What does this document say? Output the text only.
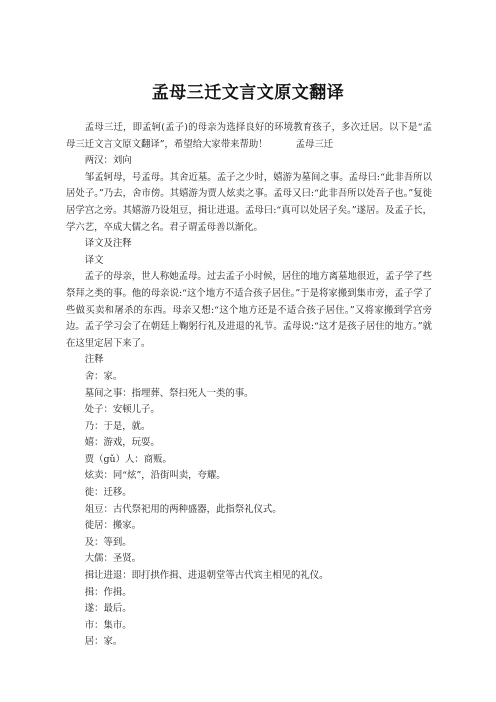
孟母三迁文言文原文翻译

孟母三迁，即孟轲(孟子)的母亲为选择良好的环境教育孩子，多次迁居。以下是“孟母三迁文言文原文翻译”，希望给大家带来帮助！	孟母三迁

两汉：刘向

邹孟轲母，号孟母。其舍近墓。孟子之少时，嬉游为墓间之事。孟母曰:“此非吾所以居处子。”乃去，舍市傍。其嬉游为贾人炫卖之事。孟母又曰:“此非吾所以处吾子也。”复徙居学宫之旁。其嬉游乃设俎豆，揖让进退。孟母曰:“真可以处居子矣。”遂居。及孟子长，学六艺，卒成大儒之名。君子谓孟母善以渐化。

译文及注释

译文

孟子的母亲，世人称她孟母。过去孟子小时候，居住的地方离墓地很近，孟子学了些祭拜之类的事。他的母亲说:“这个地方不适合孩子居住。”于是将家搬到集市旁，孟子学了些做买卖和屠杀的东西。母亲又想:“这个地方还是不适合孩子居住。”又将家搬到学宫旁边。孟子学习会了在朝廷上鞠躬行礼及进退的礼节。孟母说:“这才是孩子居住的地方。”就在这里定居下来了。

注释

舍：家。

墓间之事：指埋葬、祭扫死人一类的事。

处子：安顿儿子。

乃：于是，就。

嬉：游戏，玩耍。

贾（gǔ）人：商贩。

炫卖：同“炫”，沿街叫卖，夸耀。

徙：迁移。

俎豆：古代祭祀用的两种盛器，此指祭礼仪式。

徙居：搬家。

及：等到。

大儒：圣贤。

揖让进退：即打拱作揖、进退朝堂等古代宾主相见的礼仪。

揖：作揖。

遂：最后。

市：集市。

居：家。
